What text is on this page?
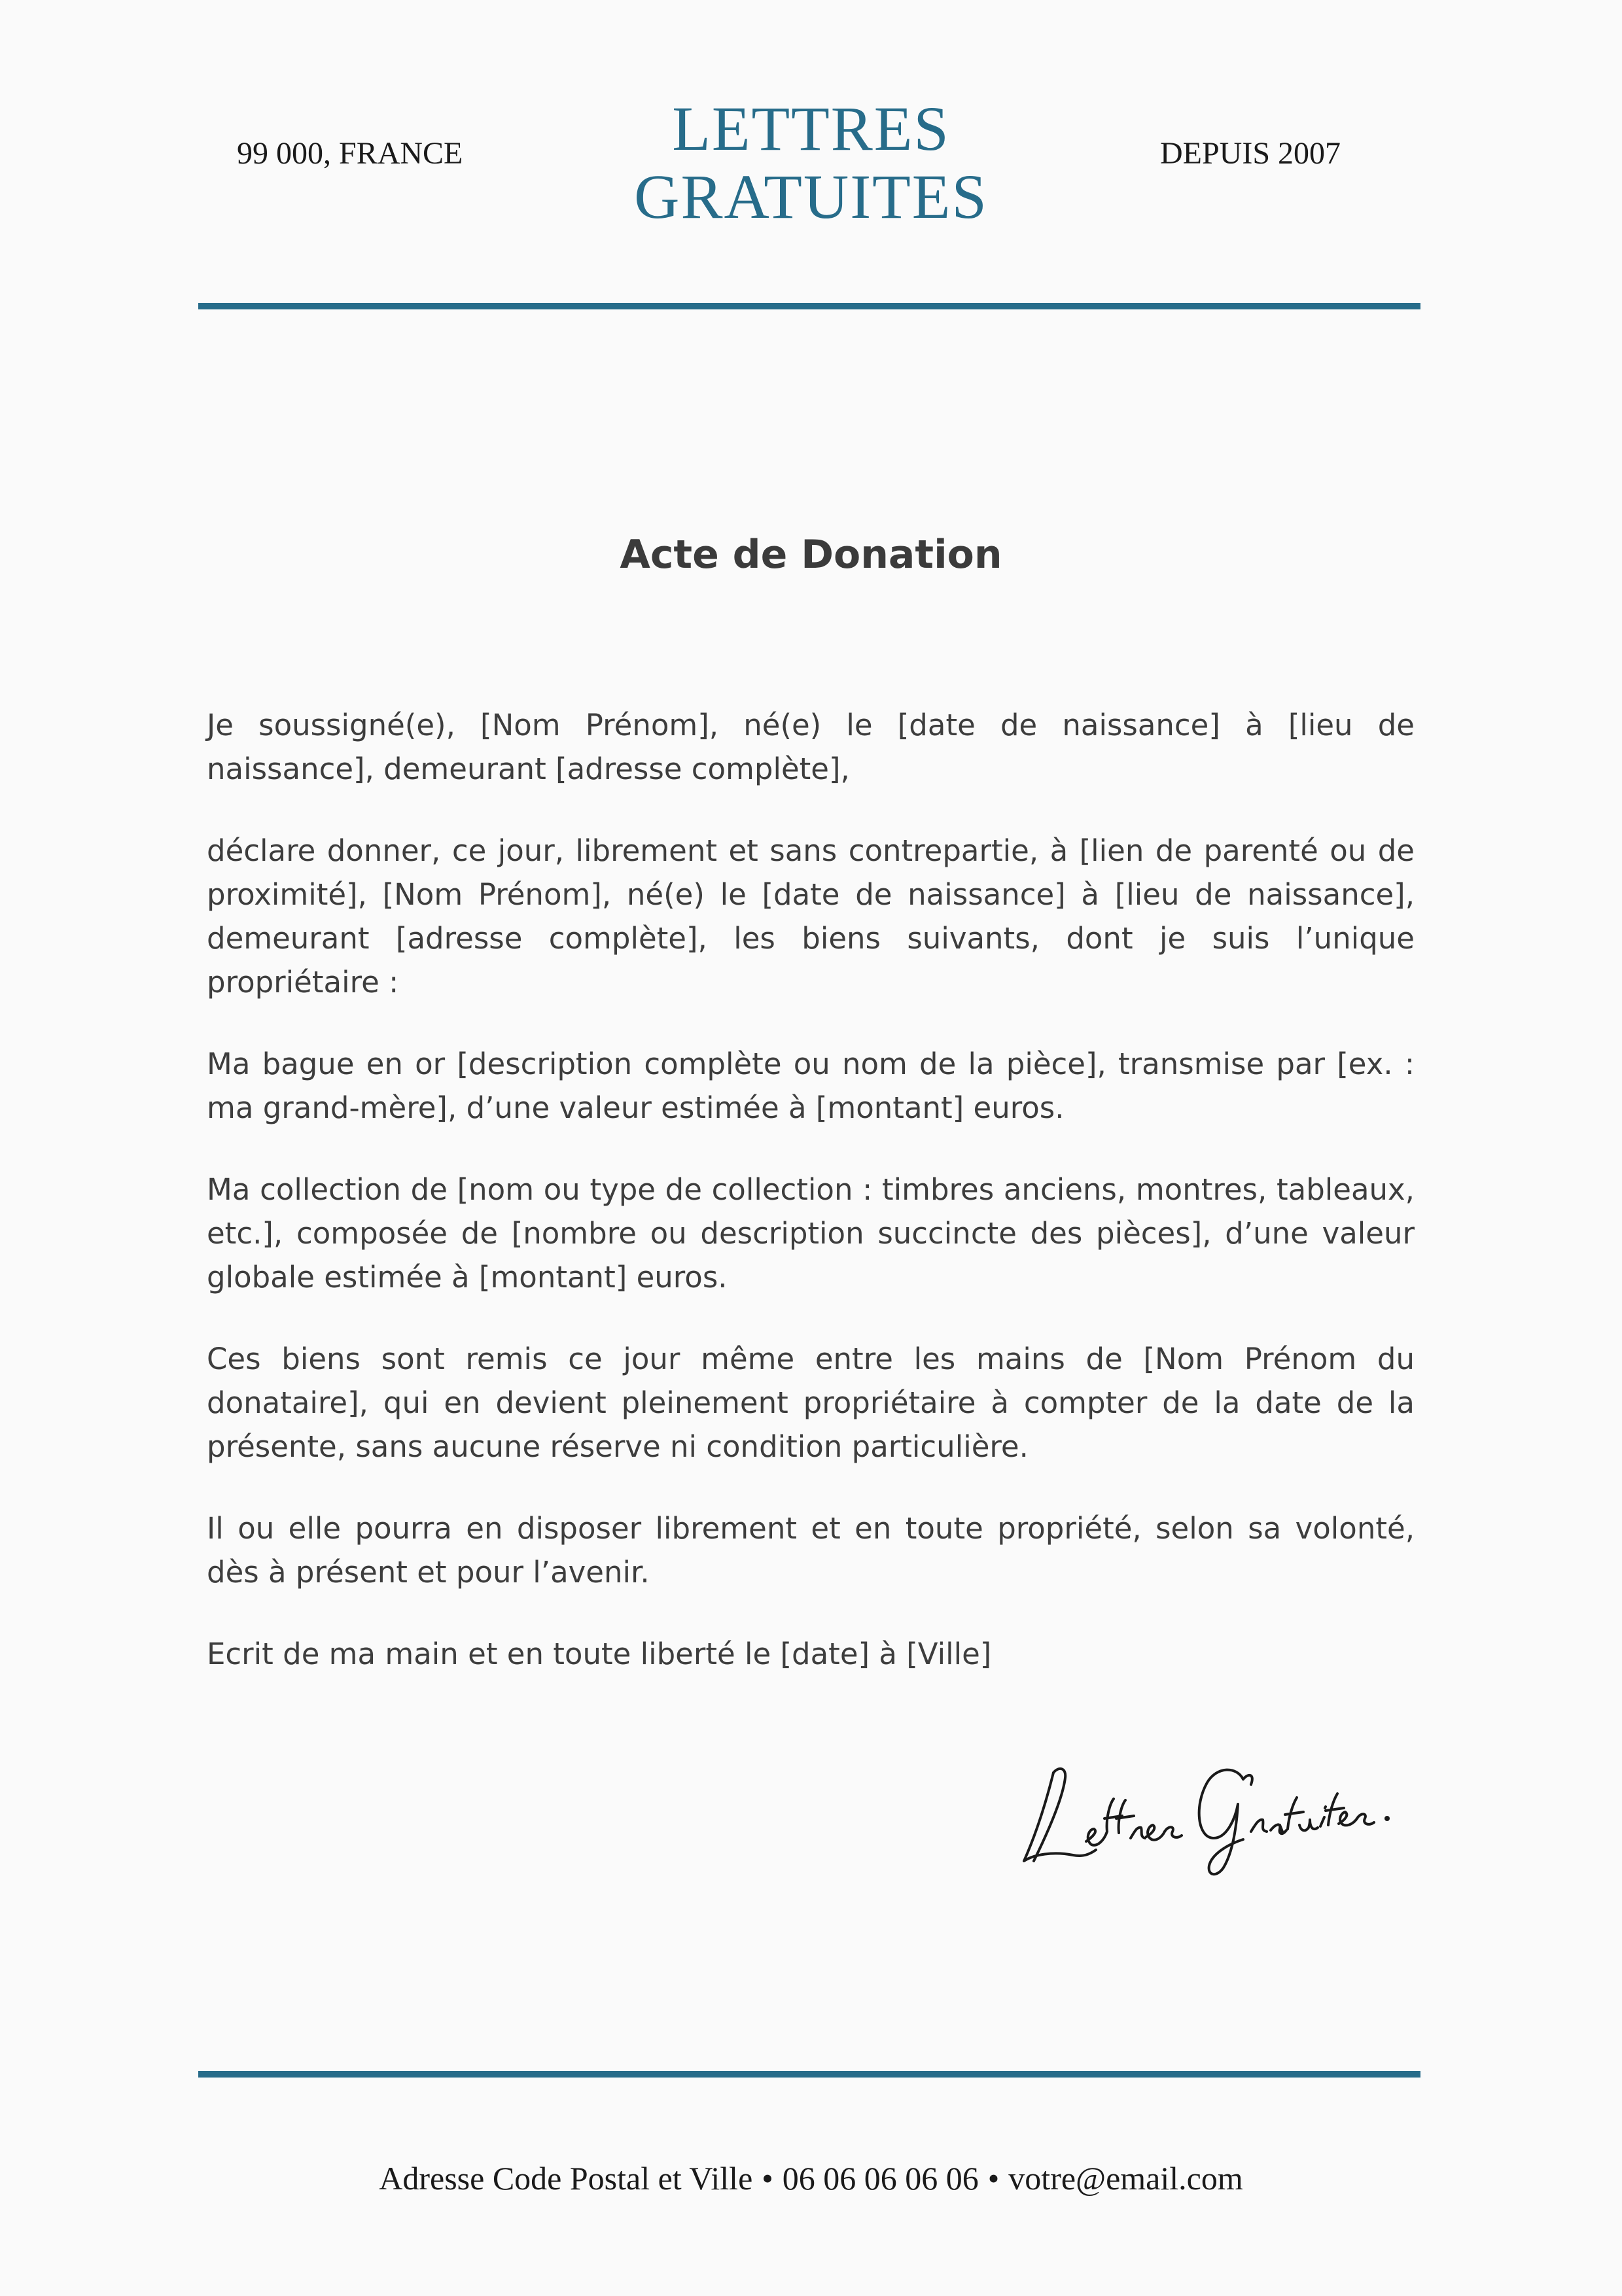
99 000, FRANCE	LETTRES
GRATUITES
DEPUIS 2007
Acte de Donation

Je soussigné(e), [Nom Prénom], né(e) le [date de naissance] à [lieu de naissance], demeurant [adresse complète],

déclare donner, ce jour, librement et sans contrepartie, à [lien de parenté ou de proximité], [Nom Prénom], né(e) le [date de naissance] à [lieu de naissance], demeurant [adresse complète], les biens suivants, dont je suis l’unique propriétaire :

Ma bague en or [description complète ou nom de la pièce], transmise par [ex. : ma grand-mère], d’une valeur estimée à [montant] euros.

Ma collection de [nom ou type de collection : timbres anciens, montres, tableaux, etc.], composée de [nombre ou description succincte des pièces], d’une valeur globale estimée à [montant] euros.

Ces biens sont remis ce jour même entre les mains de [Nom Prénom du donataire], qui en devient pleinement propriétaire à compter de la date de la présente, sans aucune réserve ni condition particulière.

Il ou elle pourra en disposer librement et en toute propriété, selon sa volonté, dès à présent et pour l’avenir.

Ecrit de ma main et en toute liberté le [date] à [Ville]

Adresse Code Postal et Ville • 06 06 06 06 06 • votre@email.com
